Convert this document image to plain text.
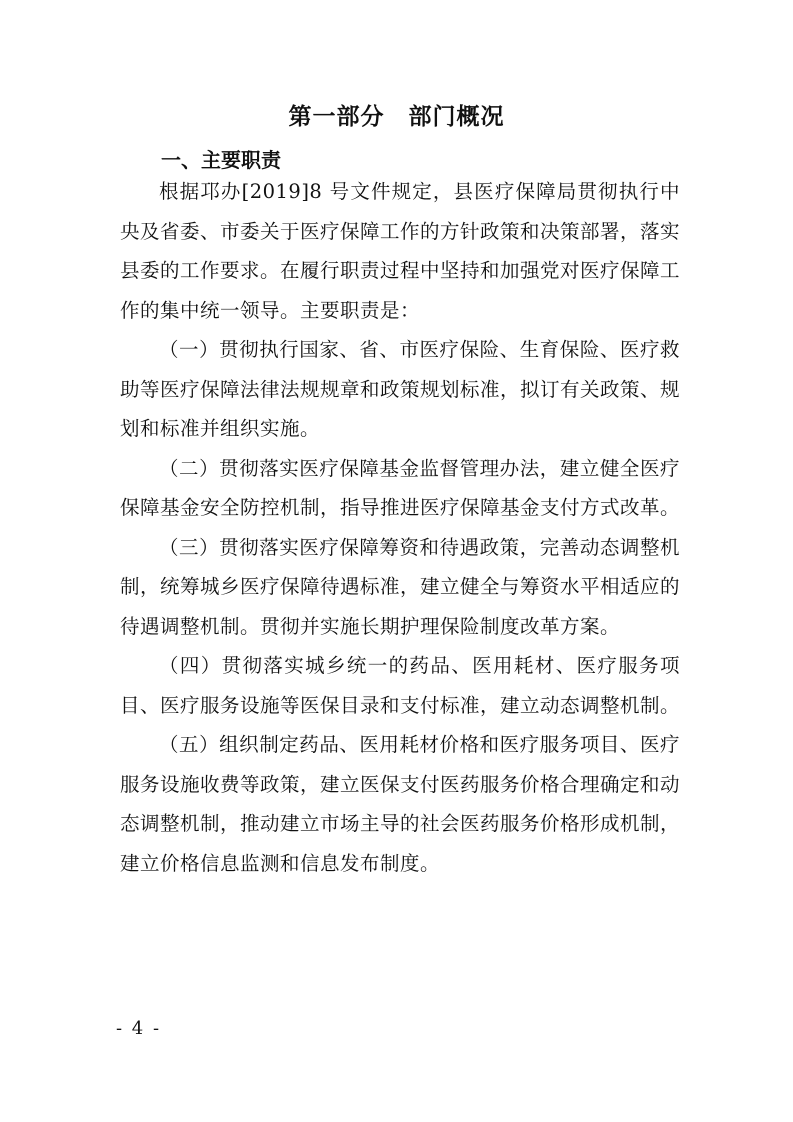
第一部分　部门概况
一、主要职责

根据邛办[2019]8 号文件规定，县医疗保障局贯彻执行中央及省委、市委关于医疗保障工作的方针政策和决策部署，落实县委的工作要求。在履行职责过程中坚持和加强党对医疗保障工作的集中统一领导。主要职责是：

（一）贯彻执行国家、省、市医疗保险、生育保险、医疗救助等医疗保障法律法规规章和政策规划标准，拟订有关政策、规划和标准并组织实施。

（二）贯彻落实医疗保障基金监督管理办法，建立健全医疗保障基金安全防控机制，指导推进医疗保障基金支付方式改革。

（三）贯彻落实医疗保障筹资和待遇政策，完善动态调整机制，统筹城乡医疗保障待遇标准，建立健全与筹资水平相适应的待遇调整机制。贯彻并实施长期护理保险制度改革方案。

（四）贯彻落实城乡统一的药品、医用耗材、医疗服务项目、医疗服务设施等医保目录和支付标准，建立动态调整机制。

（五）组织制定药品、医用耗材价格和医疗服务项目、医疗服务设施收费等政策，建立医保支付医药服务价格合理确定和动态调整机制，推动建立市场主导的社会医药服务价格形成机制，建立价格信息监测和信息发布制度。

- 4 -
